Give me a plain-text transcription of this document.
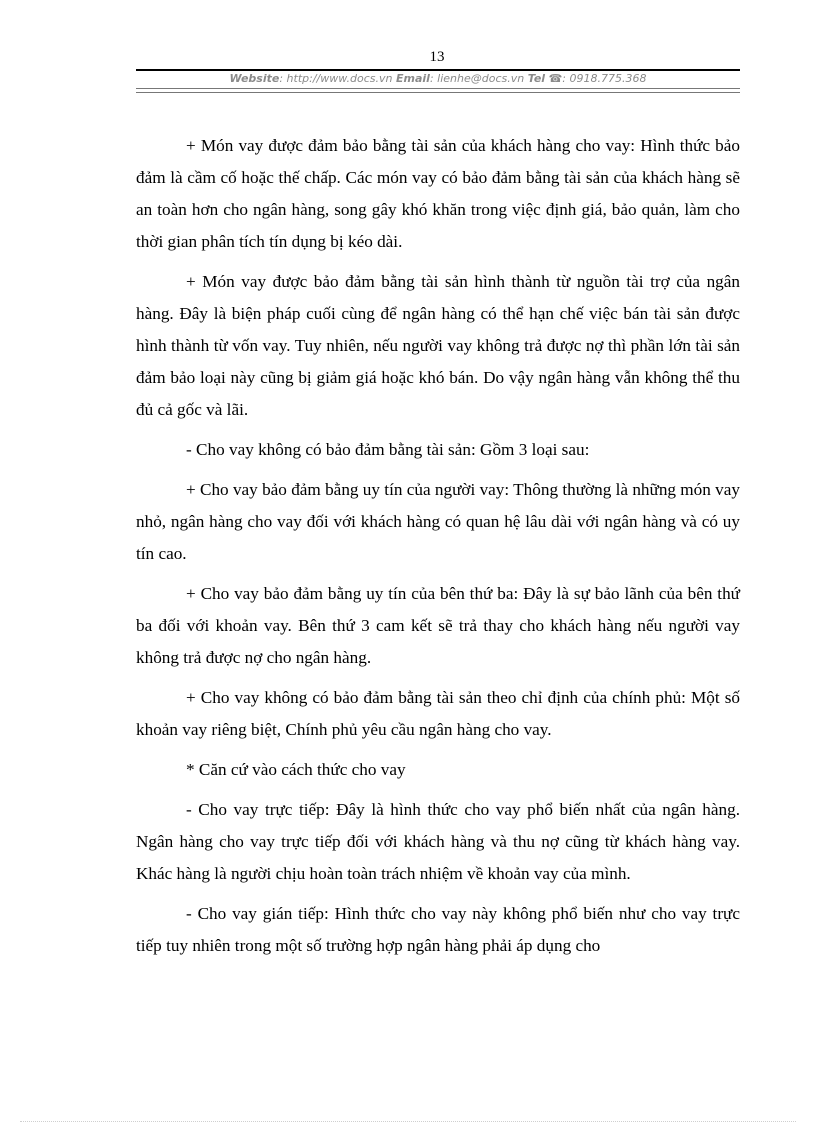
13
Website: http://www.docs.vn Email: lienhe@docs.vn Tel ☎: 0918.775.368

+ Món vay được đảm bảo bằng tài sản của khách hàng cho vay: Hình thức bảo đảm là cầm cố hoặc thế chấp. Các món vay có bảo đảm bằng tài sản của khách hàng sẽ an toàn hơn cho ngân hàng, song gây khó khăn trong việc định giá, bảo quản, làm cho thời gian phân tích tín dụng bị kéo dài.

+ Món vay được bảo đảm bằng tài sản hình thành từ nguồn tài trợ của ngân hàng. Đây là biện pháp cuối cùng để ngân hàng có thể hạn chế việc bán tài sản được hình thành từ vốn vay. Tuy nhiên, nếu người vay không trả được nợ thì phần lớn tài sản đảm bảo loại này cũng bị giảm giá hoặc khó bán. Do vậy ngân hàng vẫn không thể thu đủ cả gốc và lãi.

- Cho vay không có bảo đảm bằng tài sản: Gồm 3 loại sau:

+ Cho vay bảo đảm bằng uy tín của người vay: Thông thường là những món vay nhỏ, ngân hàng cho vay đối với khách hàng có quan hệ lâu dài với ngân hàng và có uy tín cao.

+ Cho vay bảo đảm bằng uy tín của bên thứ ba: Đây là sự bảo lãnh của bên thứ ba đối với khoản vay. Bên thứ 3 cam kết sẽ trả thay cho khách hàng nếu người vay không trả được nợ cho ngân hàng.

+ Cho vay không có bảo đảm bằng tài sản theo chỉ định của chính phủ: Một số khoản vay riêng biệt, Chính phủ yêu cầu ngân hàng cho vay.

* Căn cứ vào cách thức cho vay

- Cho vay trực tiếp: Đây là hình thức cho vay phổ biến nhất của ngân hàng. Ngân hàng cho vay trực tiếp đối với khách hàng và thu nợ cũng từ khách hàng vay. Khác hàng là người chịu hoàn toàn trách nhiệm về khoản vay của mình.

- Cho vay gián tiếp: Hình thức cho vay này không phổ biến như cho vay trực tiếp tuy nhiên trong một số trường hợp ngân hàng phải áp dụng cho
